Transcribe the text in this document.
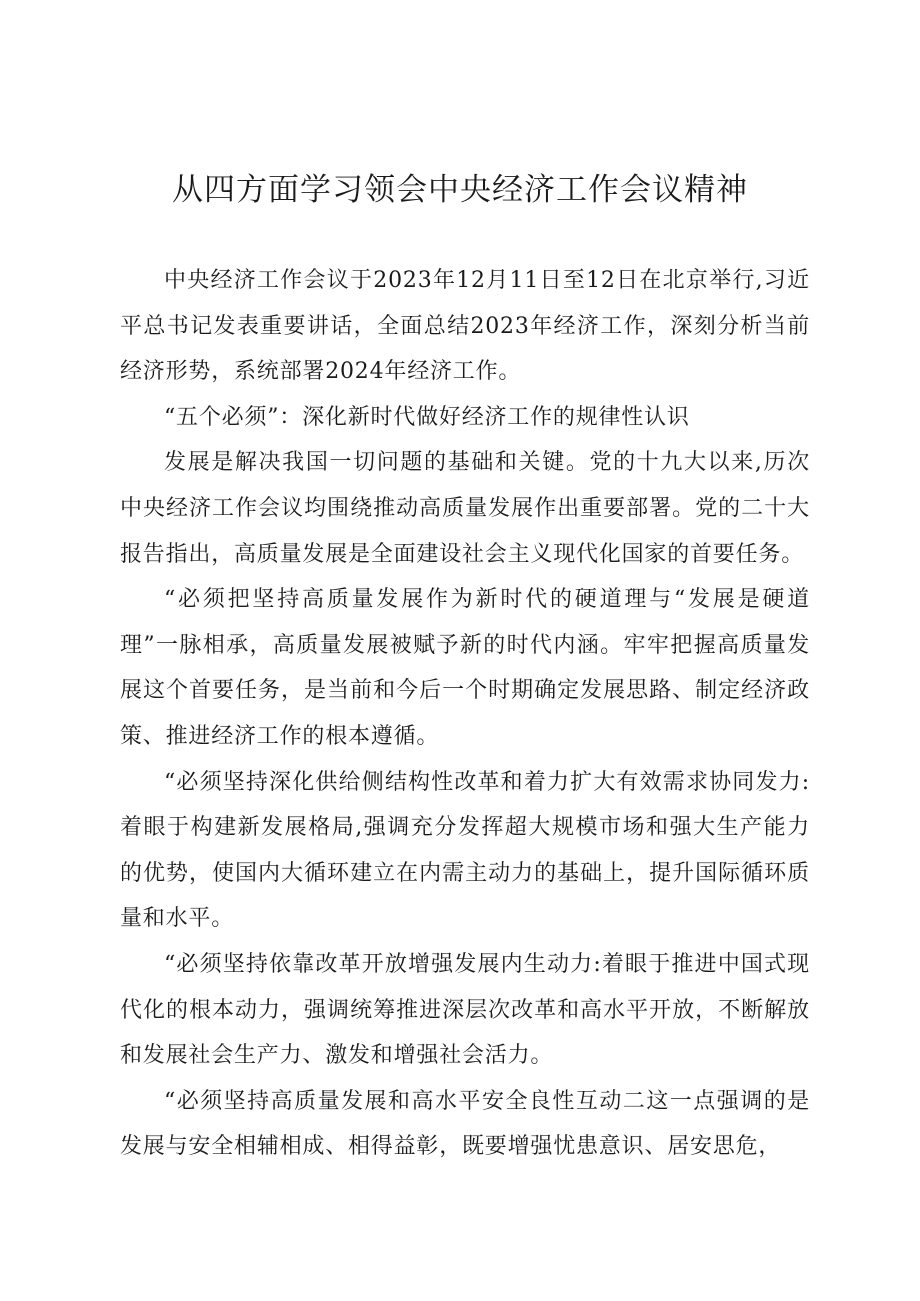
从四方面学习领会中央经济工作会议精神

中央经济工作会议于2023年12月11日至12日在北京举行,习近平总书记发表重要讲话，全面总结2023年经济工作，深刻分析当前经济形势，系统部署2024年经济工作。

“五个必须”：深化新时代做好经济工作的规律性认识

发展是解决我国一切问题的基础和关键。党的十九大以来,历次中央经济工作会议均围绕推动高质量发展作出重要部署。党的二十大报告指出，高质量发展是全面建设社会主义现代化国家的首要任务。

“必须把坚持高质量发展作为新时代的硬道理与“发展是硬道理”一脉相承，高质量发展被赋予新的时代内涵。牢牢把握高质量发展这个首要任务，是当前和今后一个时期确定发展思路、制定经济政策、推进经济工作的根本遵循。

“必须坚持深化供给侧结构性改革和着力扩大有效需求协同发力:着眼于构建新发展格局,强调充分发挥超大规模市场和强大生产能力的优势，使国内大循环建立在内需主动力的基础上，提升国际循环质量和水平。

“必须坚持依靠改革开放增强发展内生动力:着眼于推进中国式现代化的根本动力，强调统筹推进深层次改革和高水平开放，不断解放和发展社会生产力、激发和增强社会活力。

“必须坚持高质量发展和高水平安全良性互动二这一点强调的是发展与安全相辅相成、相得益彰，既要增强忧患意识、居安思危，
